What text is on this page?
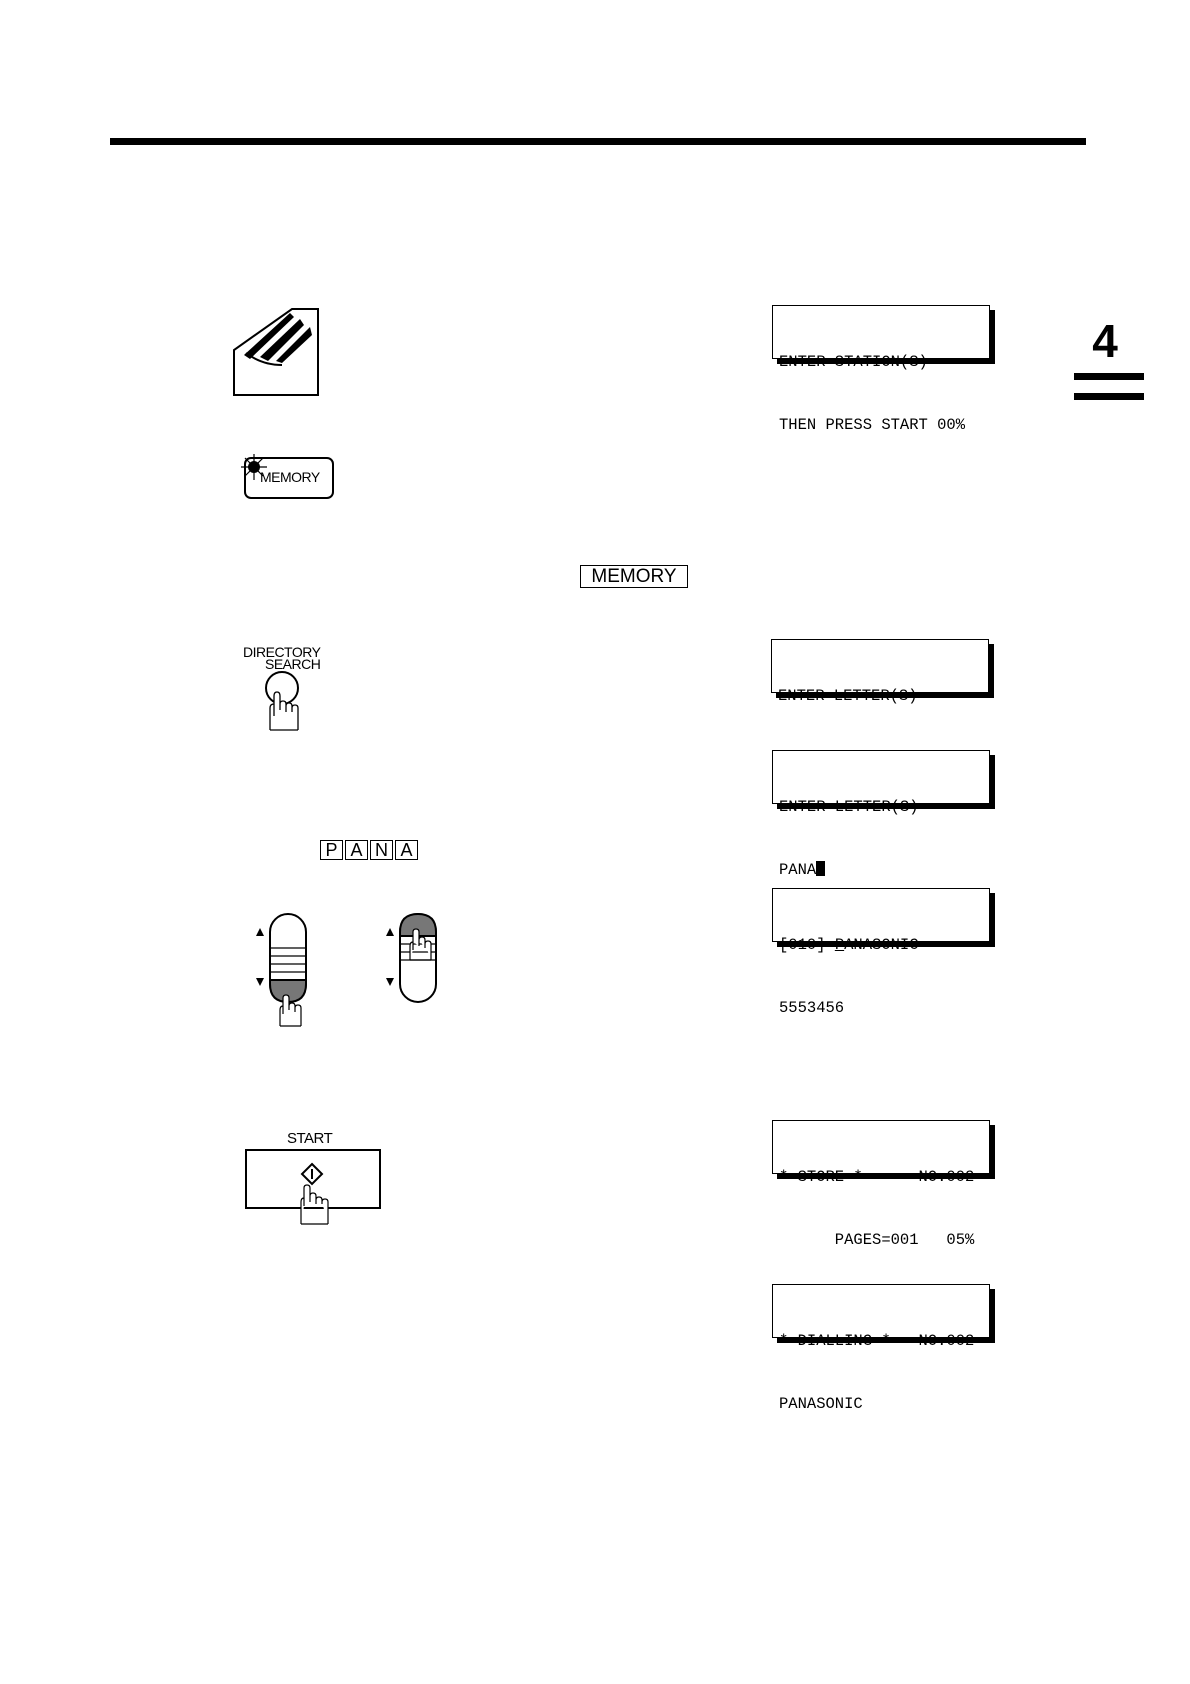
4

ENTER STATION(S)

THEN PRESS START 00%

MEMORY
MEMORY
DIRECTORY
SEARCH

ENTER LETTER(S)

ENTER LETTER(S)

PANA

P A N A

[010] PANASONIC

5553456

START

* STORE *      NO.002

PAGES=001   05%

* DIALLING *   NO.002

PANASONIC
